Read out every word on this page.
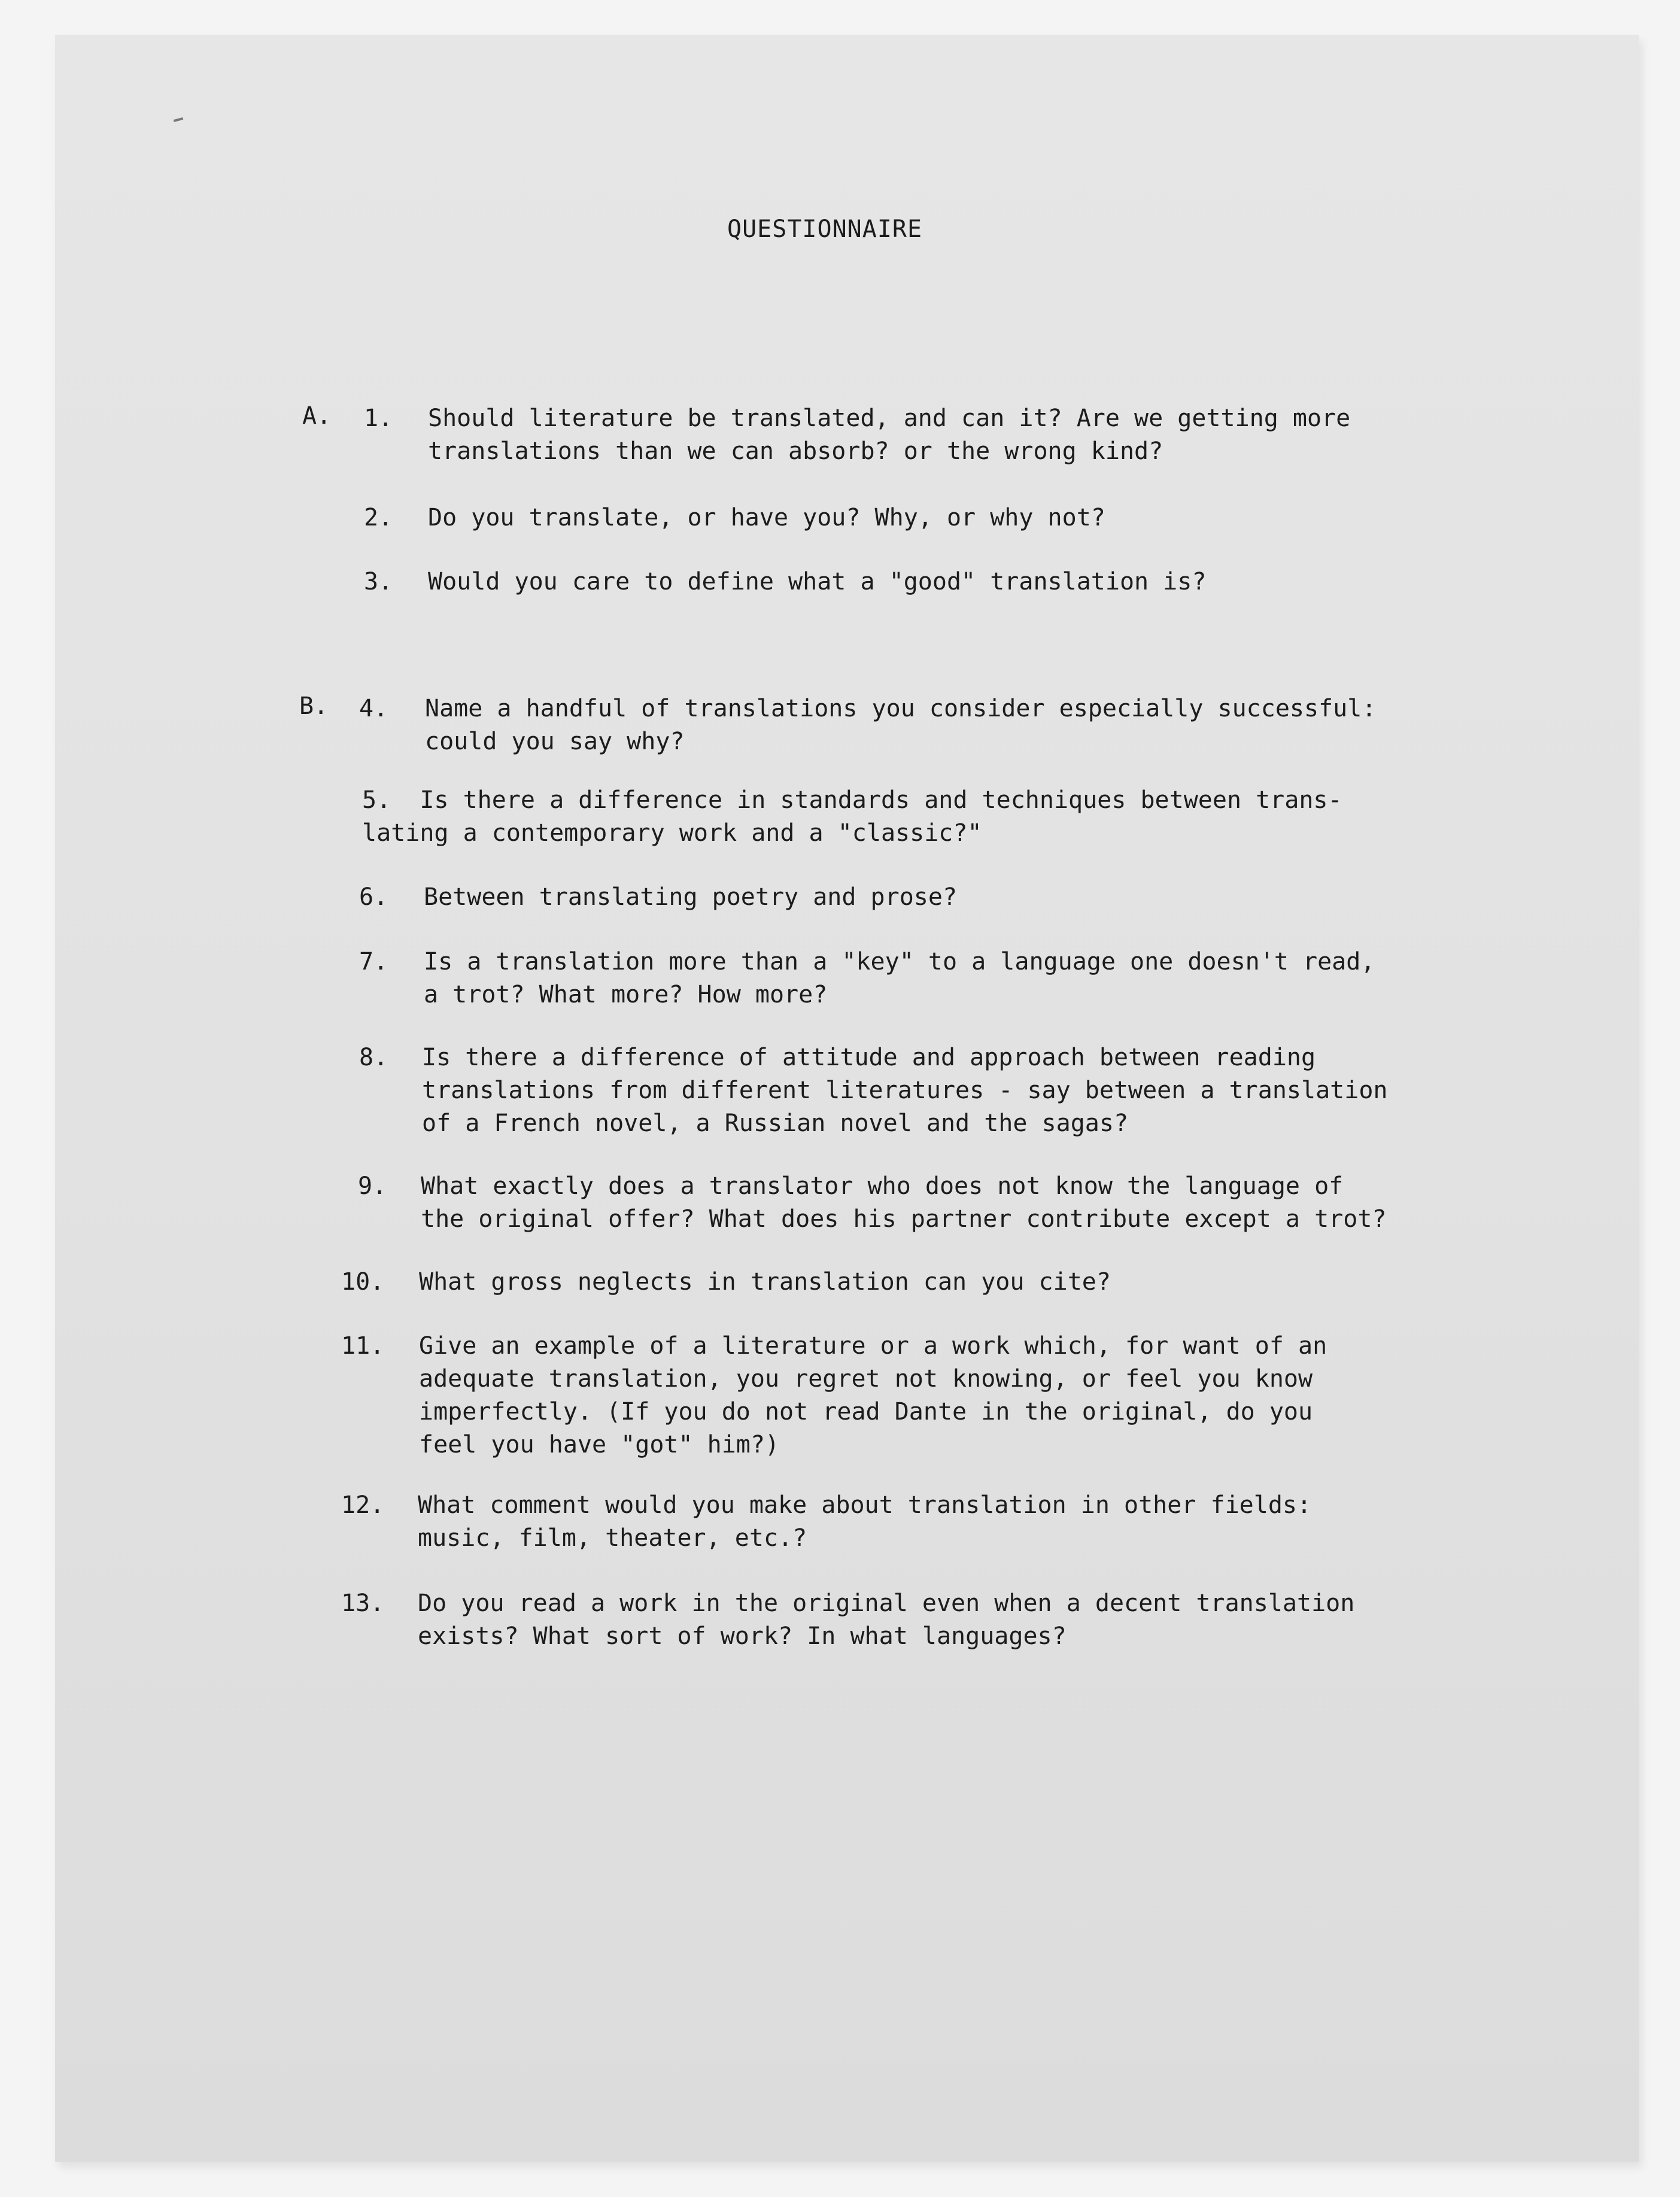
QUESTIONNAIRE
A. 1. Should literature be translated, and can it? Are we getting more
translations than we can absorb? or the wrong kind?
2. Do you translate, or have you? Why, or why not?
3. Would you care to define what a "good" translation is?
B. 4. Name a handful of translations you consider especially successful:
could you say why?
5. Is there a difference in standards and techniques between trans-
lating a contemporary work and a "classic?"
6. Between translating poetry and prose?
7. Is a translation more than a "key" to a language one doesn't read,
a trot? What more? How more?
8. Is there a difference of attitude and approach between reading
translations from different literatures - say between a translation
of a French novel, a Russian novel and the sagas?
9. What exactly does a translator who does not know the language of
the original offer? What does his partner contribute except a trot?
10. What gross neglects in translation can you cite?
11. Give an example of a literature or a work which, for want of an
adequate translation, you regret not knowing, or feel you know
imperfectly. (If you do not read Dante in the original, do you
feel you have "got" him?)
12. What comment would you make about translation in other fields:
music, film, theater, etc.?
13. Do you read a work in the original even when a decent translation
exists? What sort of work? In what languages?
